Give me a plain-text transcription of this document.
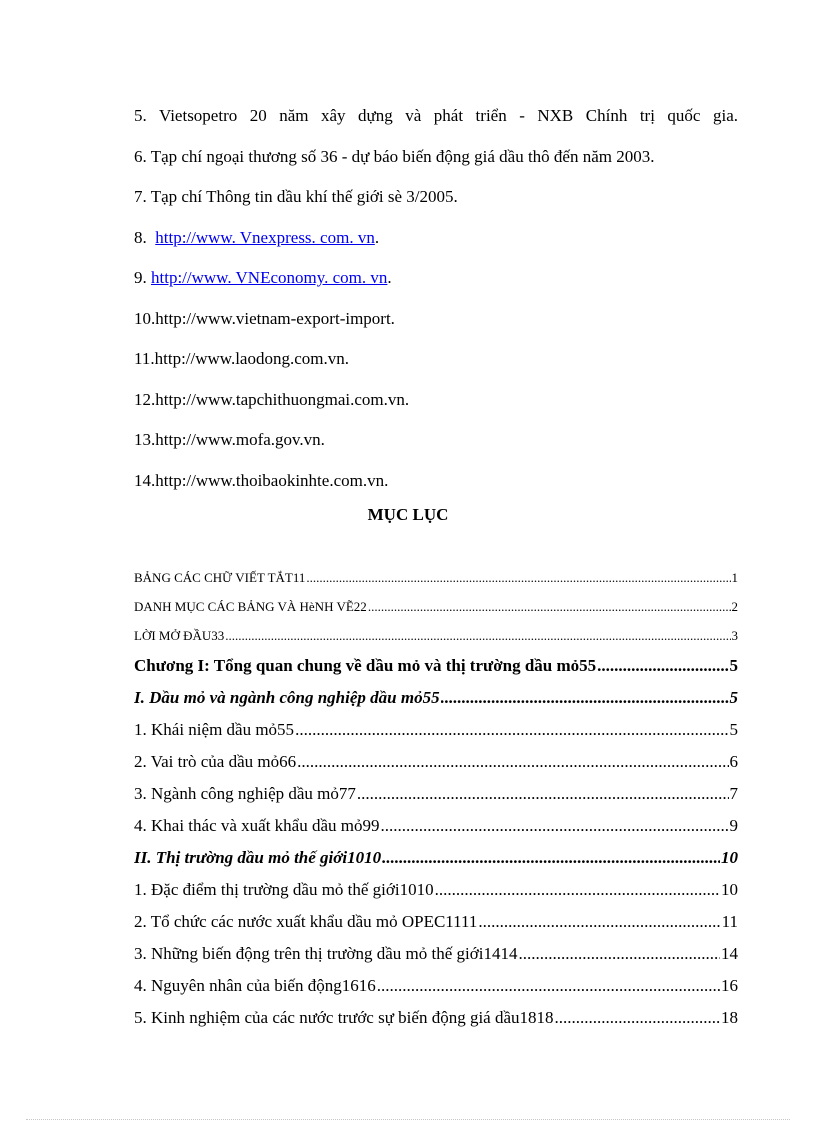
5. Vietsopetro 20 năm xây dựng và phát triển - NXB Chính trị quốc gia.
6. Tạp chí ngoại thương số 36 - dự báo biến động giá dầu thô đến năm 2003.
7. Tạp chí Thông tin dầu khí thế giới sè 3/2005.
8.  http://www. Vnexpress. com. vn.
9. http://www. VNEconomy. com. vn.
10.http://www.vietnam-export-import.
11.http://www.laodong.com.vn.
12.http://www.tapchithuongmai.com.vn.
13.http://www.mofa.gov.vn.
14.http://www.thoibaokinhte.com.vn.
MỤC LỤC
BẢNG CÁC CHỮ VIẾT TẮT11 .....	1
DANH MỤC CÁC BẢNG VÀ HèNH VẼ22 .....	2
LỜI MỞ ĐẦU33 .....	3
Chương I: Tổng quan chung về dầu mỏ và thị trường dầu mỏ55 .....	5
I. Dầu mỏ và ngành công nghiệp dầu mỏ55 .....	5
1. Khái niệm dầu mỏ55 .....	5
2. Vai trò của dầu mỏ66 .....	6
3. Ngành công nghiệp dầu mỏ77 .....	7
4. Khai thác và xuất khẩu dầu mỏ99 .....	9
II. Thị trường dầu mỏ thế giới1010 .....	10
1. Đặc điểm thị trường dầu mỏ thế giới1010 .....	10
2. Tổ chức các nước xuất khẩu dầu mỏ OPEC1111 .....	11
3. Những biến động trên thị trường dầu mỏ thế giới1414 .....	14
4. Nguyên nhân của biến động1616 .....	16
5. Kinh nghiệm của các nước trước sự biến động giá dầu1818 .....	18
